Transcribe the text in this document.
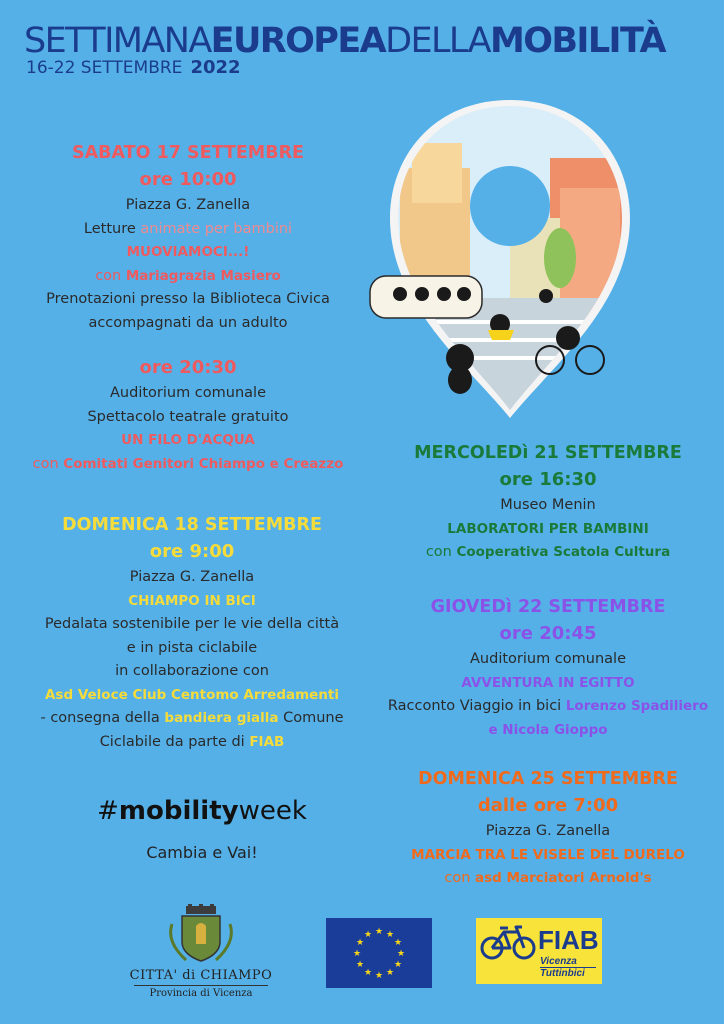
SETTIMANAEUROPEADELLAMOBILITÀ
16-22 SETTEMBRE 2022
SABATO 17 SETTEMBRE
ore 10:00
Piazza G. Zanella
Letture animate per bambini
MUOVIAMOCI...!
con Mariagrazia Masiero
Prenotazioni presso la Biblioteca Civica
accompagnati da un adulto
ore 20:30
Auditorium comunale
Spettacolo teatrale gratuito
UN FILO D'ACQUA
con Comitati Genitori Chiampo e Creazzo
DOMENICA 18 SETTEMBRE
ore 9:00
Piazza G. Zanella
CHIAMPO IN BICI
Pedalata sostenibile per le vie della città
e in pista ciclabile
in collaborazione con
Asd Veloce Club Centomo Arredamenti
- consegna della bandiera gialla Comune
Ciclabile da parte di FIAB
#mobilityweek
Cambia e Vai!
MERCOLEDì 21 SETTEMBRE
ore 16:30
Museo Menin
LABORATORI PER BAMBINI
con Cooperativa Scatola Cultura
GIOVEDì 22 SETTEMBRE
ore 20:45
Auditorium comunale
AVVENTURA IN EGITTO
Racconto Viaggio in bici Lorenzo Spadiliero
e Nicola Gioppo
DOMENICA 25 SETTEMBRE
dalle ore 7:00
Piazza G. Zanella
MARCIA TRA LE VISELE DEL DURELO
con asd Marciatori Arnold's
CITTA' di CHIAMPO
Provincia di Vicenza
★ ★
★
★
★
★
★
★
★
★
★
★	FIAB
Vicenza
Tuttinbici
